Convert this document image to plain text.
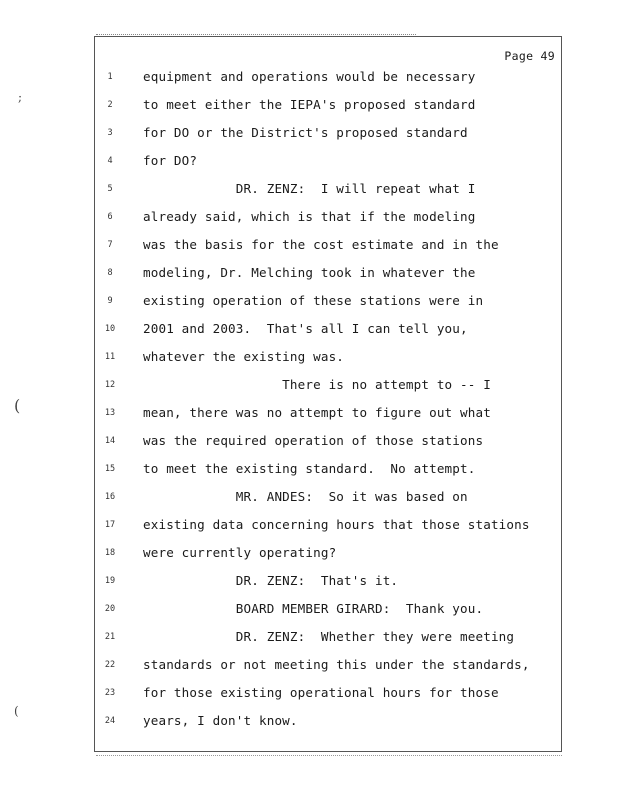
;
(
(
Page 49
1	equipment and operations would be necessary
2	to meet either the IEPA's proposed standard
3	for DO or the District's proposed standard
4	for DO?
5	DR. ZENZ:  I will repeat what I
6	already said, which is that if the modeling
7	was the basis for the cost estimate and in the
8	modeling, Dr. Melching took in whatever the
9	existing operation of these stations were in
10	2001 and 2003.  That's all I can tell you,
11	whatever the existing was.
12	There is no attempt to -- I
13	mean, there was no attempt to figure out what
14	was the required operation of those stations
15	to meet the existing standard.  No attempt.
16	MR. ANDES:  So it was based on
17	existing data concerning hours that those stations
18	were currently operating?
19	DR. ZENZ:  That's it.
20	BOARD MEMBER GIRARD:  Thank you.
21	DR. ZENZ:  Whether they were meeting
22	standards or not meeting this under the standards,
23	for those existing operational hours for those
24	years, I don't know.
